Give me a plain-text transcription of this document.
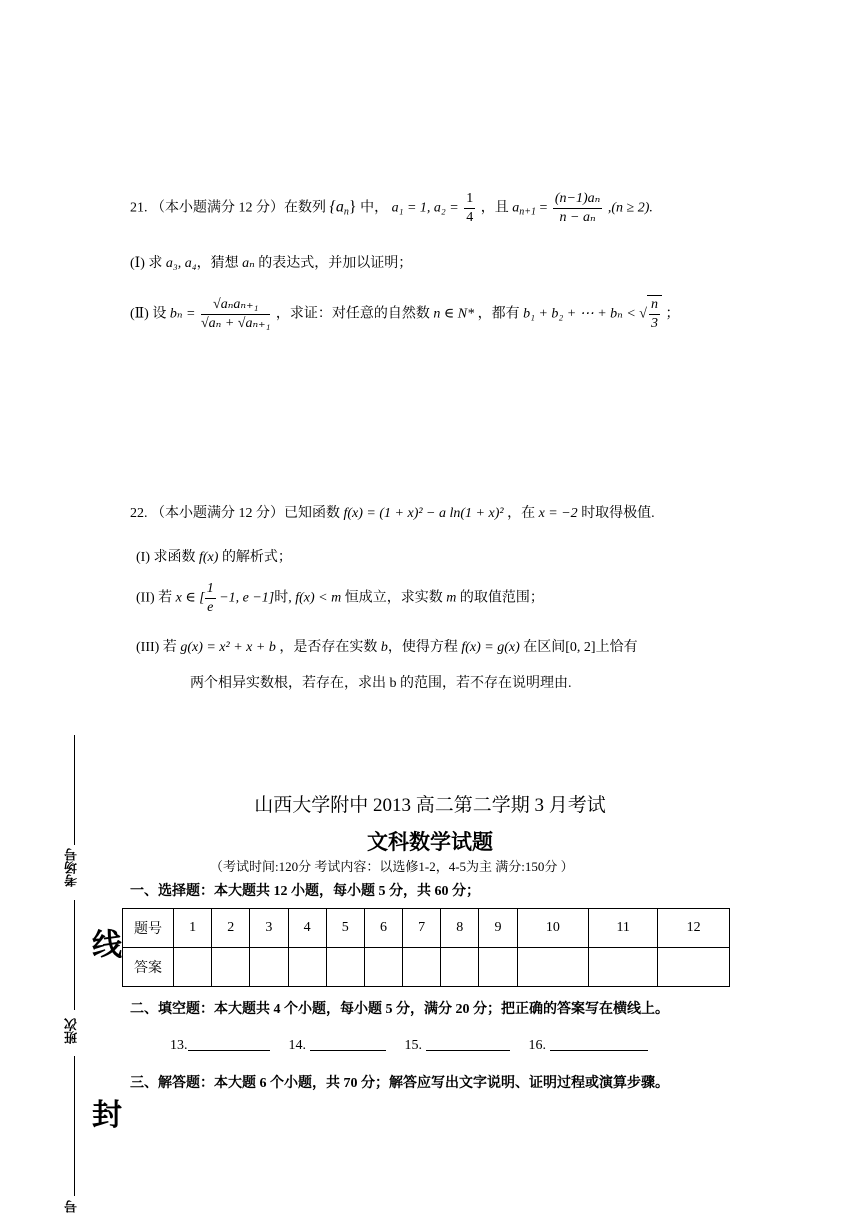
21. （本小题满分 12 分）在数列 $\{a_n\}$ 中， a₁ = 1, $a_2 = \frac{1}{4}$ ，且 $a_{n+1} = \frac{\text{(n−1)aₙ}}{\text{n − aₙ}} ,(n \ge 2)$.
(Ⅰ) 求 a₃, a₄，猜想 aₙ 的表达式，并加以证明；
(Ⅱ) 设 $b_n = \frac{\text{√aₙaₙ₊₁}}{\text{√aₙ + √aₙ₊₁}}$ ，求证：对任意的自然数 n ∈ N* ，都有 b₁ + b₂ + ⋯ + bₙ < √ $\frac{n}{3}$ ；
22. （本小题满分 12 分）已知函数 f(x) = (1 + x)² − a ln(1 + x)² ，在 x = −2 时取得极值.
(I) 求函数 f(x) 的解析式；
(II) 若 x ∈ [ $\frac{1}{e} -1$, e −1]时, f(x) < m 恒成立，求实数 m 的取值范围；
(III) 若 g(x) = x² + x + b ，是否存在实数 b，使得方程 f(x) = g(x) 在区间[0, 2]上恰有
两个相异实数根，若存在，求出 b 的范围，若不存在说明理由.
考场号
线
班次
封
号
山西大学附中 2013 高二第二学期 3 月考试
文科数学试题
（考试时间:120分 考试内容：以选修1-2，4-5为主 满分:150分 ）
一、选择题：本大题共 12 小题，每小题 5 分，共 60 分；
题号	1	2	3	4	5	6	7	8	9	10	11	12
答案												
二、填空题：本大题共 4 个小题，每小题 5 分，满分 20 分；把正确的答案写在横线上。
13.	14.	15.	16.
三、解答题：本大题 6 个小题，共 70 分；解答应写出文字说明、证明过程或演算步骤。
